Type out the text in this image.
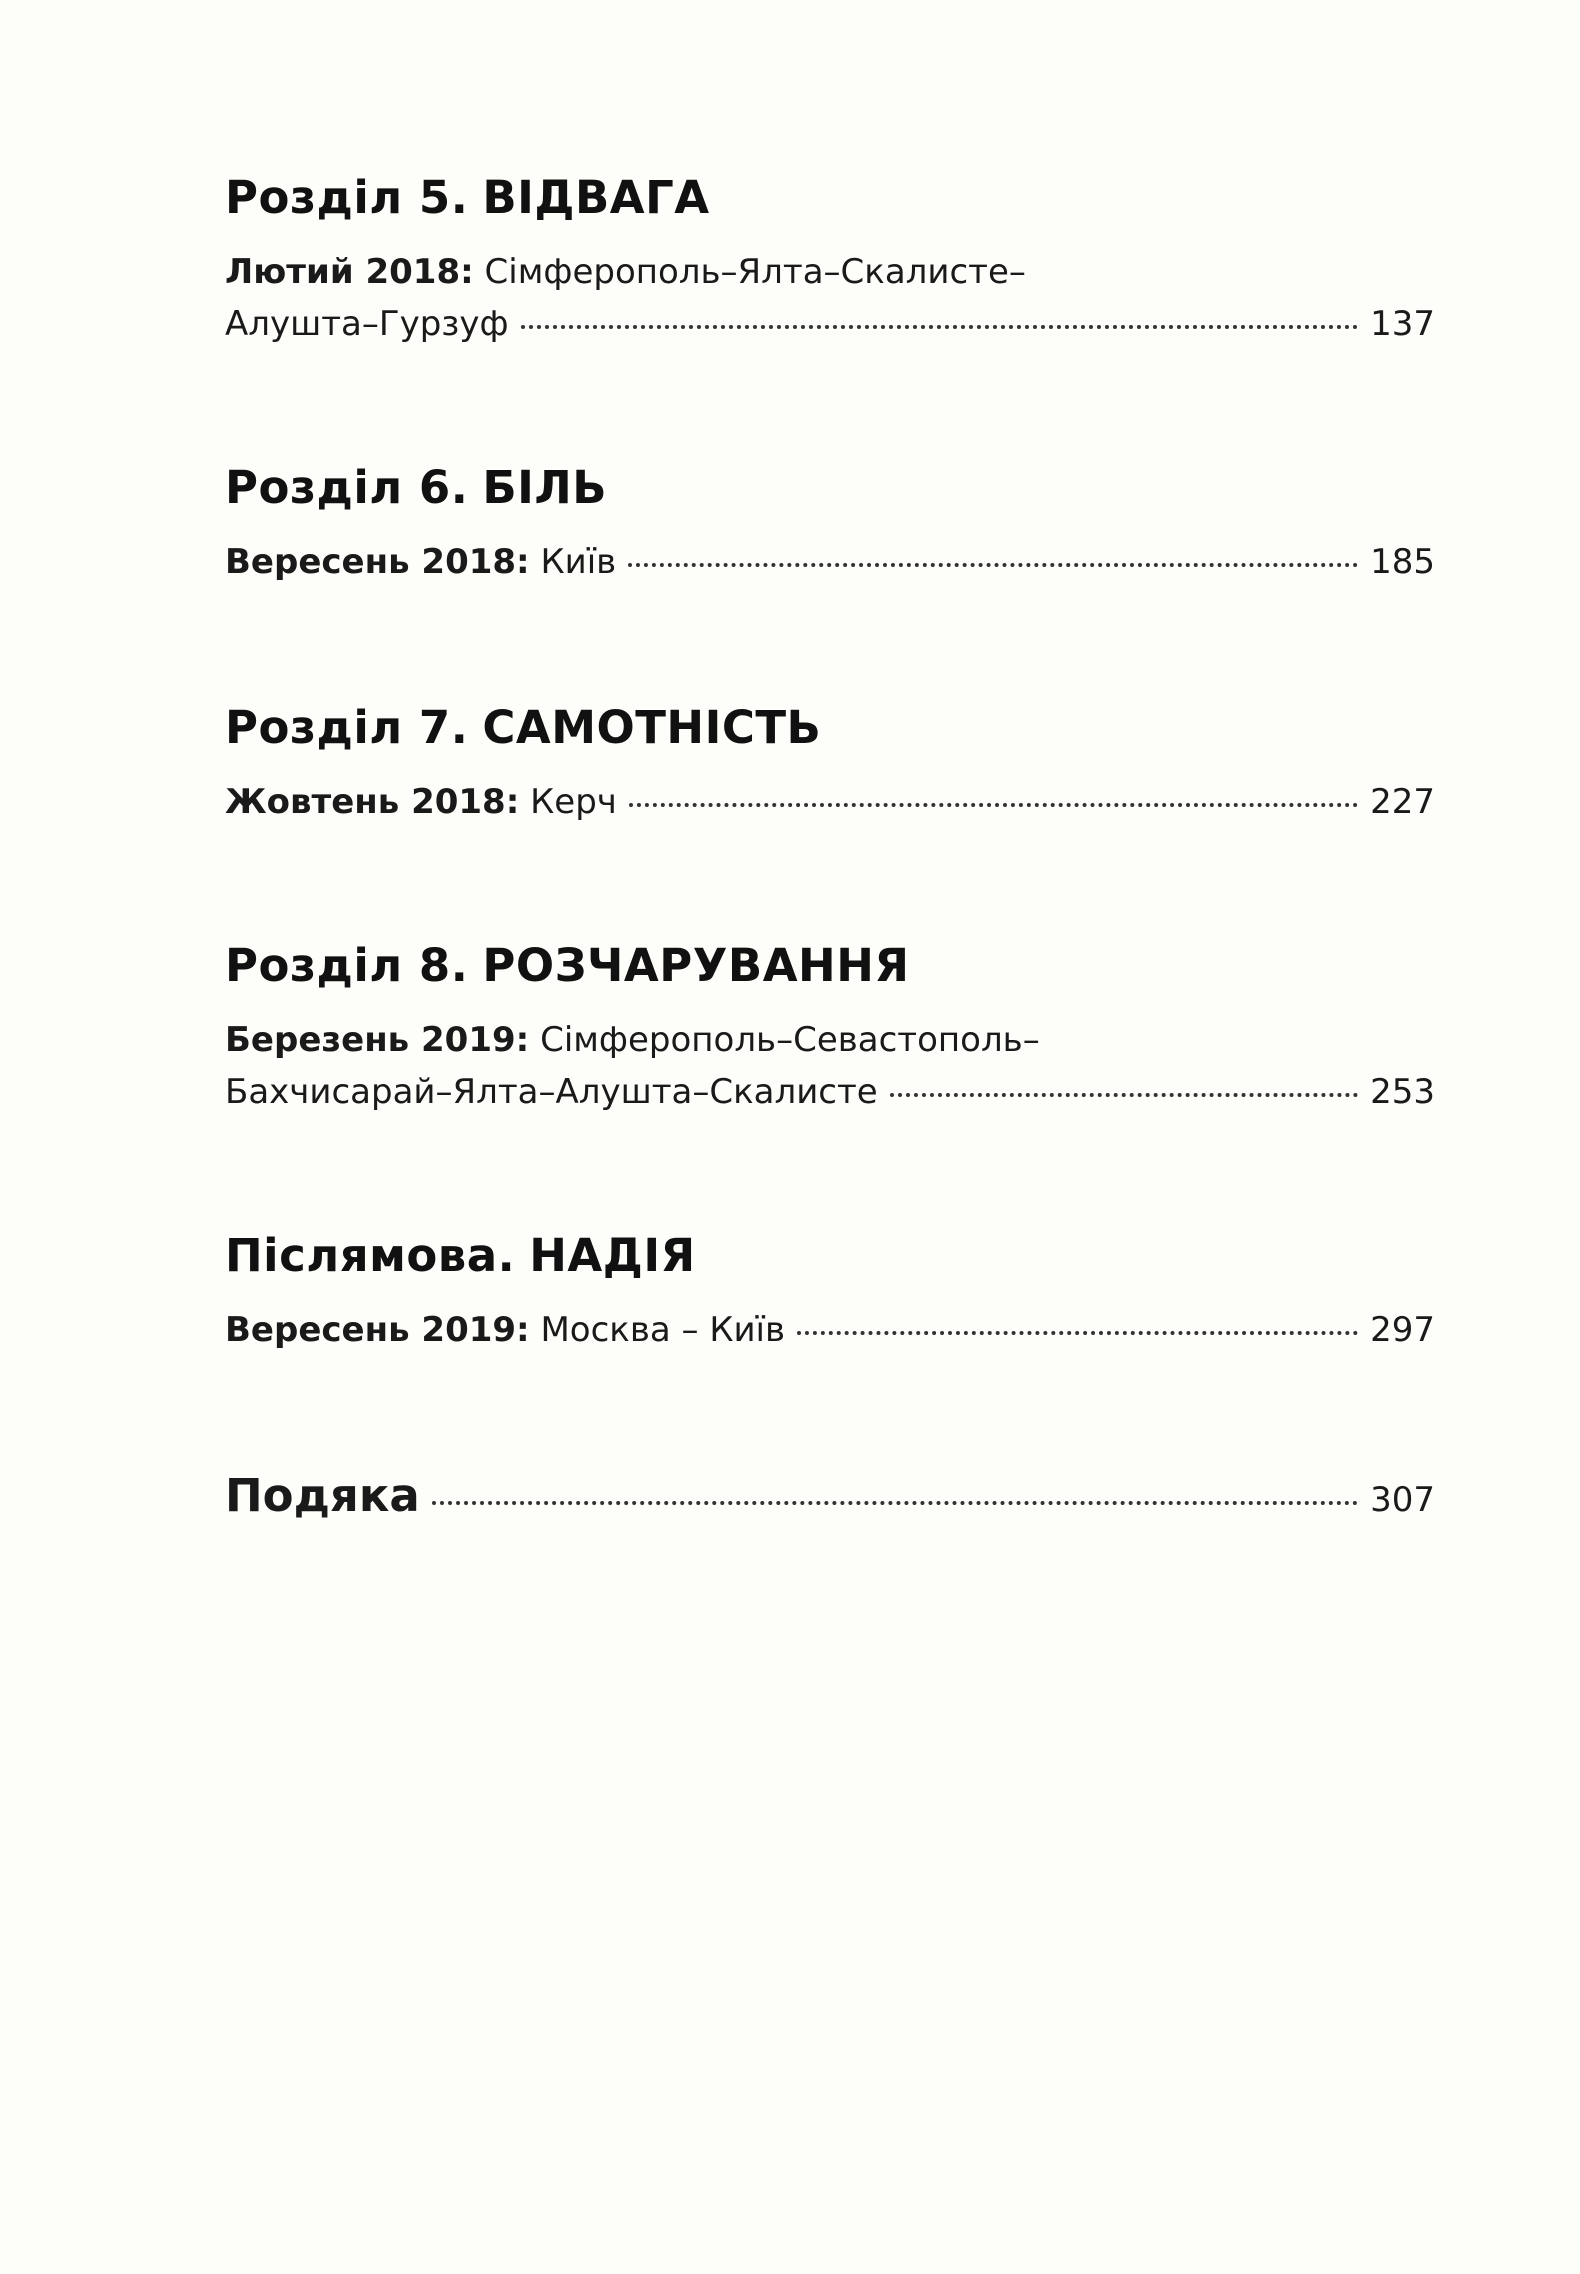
Розділ 5. ВІДВАГА
Лютий 2018: Сімферополь–Ялта–Скалисте–
Алушта–Гурзуф	137
Розділ 6. БІЛЬ
Вересень 2018: Київ	185
Розділ 7. САМОТНІСТЬ
Жовтень 2018: Керч	227
Розділ 8. РОЗЧАРУВАННЯ
Березень 2019: Сімферополь–Севастополь–
Бахчисарай–Ялта–Алушта–Скалисте	253
Післямова. НАДІЯ
Вересень 2019: Москва – Київ	297
Подяка	307
